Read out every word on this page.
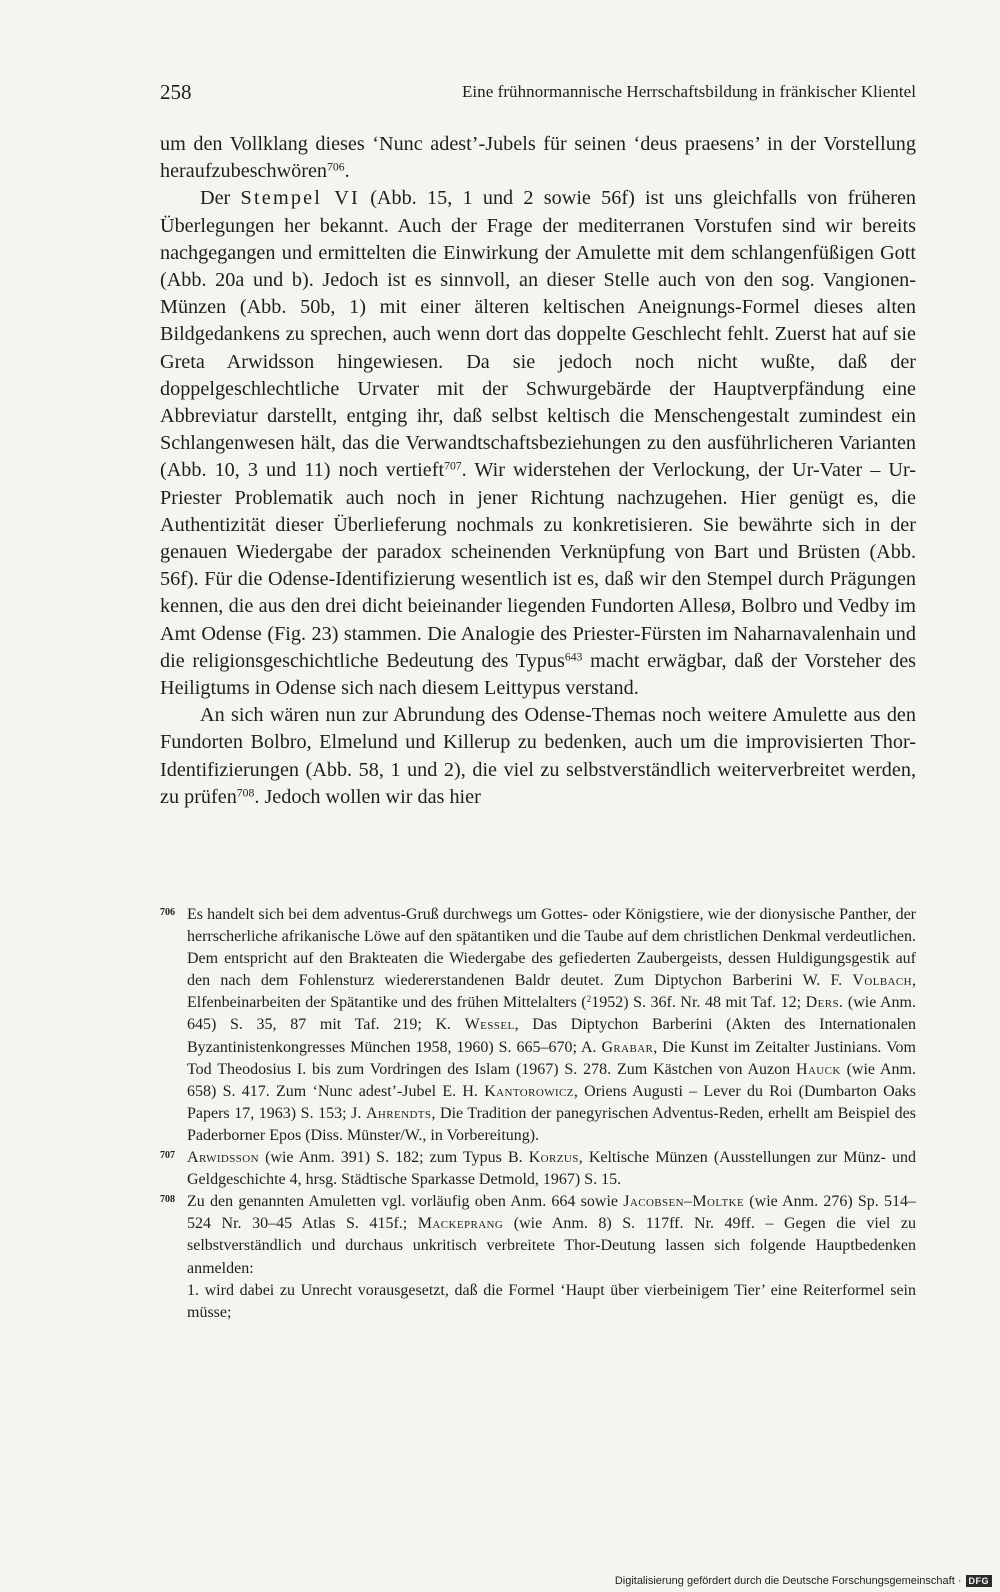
258	Eine frühnormannische Herrschaftsbildung in fränkischer Klientel

um den Vollklang dieses ‘Nunc adest’-Jubels für seinen ‘deus praesens’ in der Vorstellung heraufzubeschwören$^{706}$.

Der Stempel VI (Abb. 15, 1 und 2 sowie 56f) ist uns gleichfalls von früheren Überlegungen her bekannt. Auch der Frage der mediterranen Vorstufen sind wir bereits nachgegangen und ermittelten die Einwirkung der Amulette mit dem schlangenfüßigen Gott (Abb. 20a und b). Jedoch ist es sinnvoll, an dieser Stelle auch von den sog. Vangionen-Münzen (Abb. 50b, 1) mit einer älteren keltischen Aneignungs-Formel dieses alten Bildgedankens zu sprechen, auch wenn dort das doppelte Geschlecht fehlt. Zuerst hat auf sie Greta Arwidsson hingewiesen. Da sie jedoch noch nicht wußte, daß der doppelgeschlechtliche Urvater mit der Schwurgebärde der Hauptverpfändung eine Abbreviatur darstellt, entging ihr, daß selbst keltisch die Menschengestalt zumindest ein Schlangenwesen hält, das die Verwandtschaftsbeziehungen zu den ausführlicheren Varianten (Abb. 10, 3 und 11) noch vertieft$^{707}$. Wir widerstehen der Verlockung, der Ur-Vater – Ur-Priester Problematik auch noch in jener Richtung nachzugehen. Hier genügt es, die Authentizität dieser Überlieferung nochmals zu konkretisieren. Sie bewährte sich in der genauen Wiedergabe der paradox scheinenden Verknüpfung von Bart und Brüsten (Abb. 56f). Für die Odense-Identifizierung wesentlich ist es, daß wir den Stempel durch Prägungen kennen, die aus den drei dicht beieinander liegenden Fundorten Allesø, Bolbro und Vedby im Amt Odense (Fig. 23) stammen. Die Analogie des Priester-Fürsten im Naharnavalenhain und die religionsgeschichtliche Bedeutung des Typus$^{643}$ macht erwägbar, daß der Vorsteher des Heiligtums in Odense sich nach diesem Leittypus verstand.

An sich wären nun zur Abrundung des Odense-Themas noch weitere Amulette aus den Fundorten Bolbro, Elmelund und Killerup zu bedenken, auch um die improvisierten Thor-Identifizierungen (Abb. 58, 1 und 2), die viel zu selbstverständlich weiterverbreitet werden, zu prüfen$^{708}$. Jedoch wollen wir das hier

706 Es handelt sich bei dem adventus-Gruß durchwegs um Gottes- oder Königstiere, wie der dionysische Panther, der herrscherliche afrikanische Löwe auf den spätantiken und die Taube auf dem christlichen Denkmal verdeutlichen. Dem entspricht auf den Brakteaten die Wiedergabe des gefiederten Zaubergeists, dessen Huldigungsgestik auf den nach dem Fohlensturz wiedererstandenen Baldr deutet. Zum Diptychon Barberini W. F. Volbach, Elfenbeinarbeiten der Spätantike und des frühen Mittelalters ($^2$1952) S. 36f. Nr. 48 mit Taf. 12; Ders. (wie Anm. 645) S. 35, 87 mit Taf. 219; K. Wessel, Das Diptychon Barberini (Akten des Internationalen Byzantinistenkongresses München 1958, 1960) S. 665–670; A. Grabar, Die Kunst im Zeitalter Justinians. Vom Tod Theodosius I. bis zum Vordringen des Islam (1967) S. 278. Zum Kästchen von Auzon Hauck (wie Anm. 658) S. 417. Zum ‘Nunc adest’-Jubel E. H. Kantorowicz, Oriens Augusti – Lever du Roi (Dumbarton Oaks Papers 17, 1963) S. 153; J. Ahrendts, Die Tradition der panegyrischen Adventus-Reden, erhellt am Beispiel des Paderborner Epos (Diss. Münster/W., in Vorbereitung).

707 Arwidsson (wie Anm. 391) S. 182; zum Typus B. Korzus, Keltische Münzen (Ausstellungen zur Münz- und Geldgeschichte 4, hrsg. Städtische Sparkasse Detmold, 1967) S. 15.

708 Zu den genannten Amuletten vgl. vorläufig oben Anm. 664 sowie Jacobsen–Moltke (wie Anm. 276) Sp. 514–524 Nr. 30–45 Atlas S. 415f.; Mackeprang (wie Anm. 8) S. 117ff. Nr. 49ff. – Gegen die viel zu selbstverständlich und durchaus unkritisch verbreitete Thor-Deutung lassen sich folgende Hauptbedenken anmelden:

1. wird dabei zu Unrecht vorausgesetzt, daß die Formel ‘Haupt über vierbeinigem Tier’ eine Reiterformel sein müsse;

Digitalisierung gefördert durch die Deutsche Forschungsgemeinschaft · DFG
